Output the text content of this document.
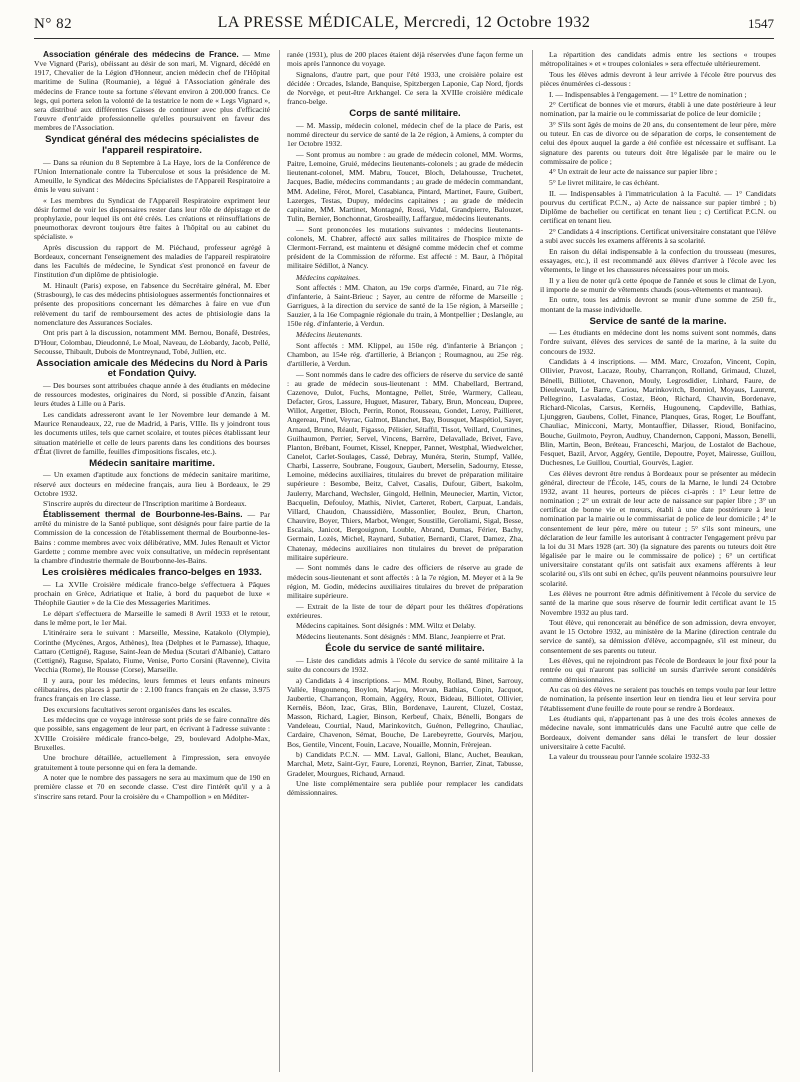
N° 82	LA PRESSE MÉDICALE, Mercredi, 12 Octobre 1932	1547

Association générale des médecins de France. — Mme Vve Vignard (Paris), obéissant au désir de son mari, M. Vignard, décédé en 1917, Chevalier de la Légion d'Honneur, ancien médecin chef de l'Hôpital maritime de Sulina (Roumanie), a légué à l'Association générale des médecins de France toute sa fortune s'élevant environ à 200.000 francs. Ce legs, qui portera selon la volonté de la testatrice le nom de « Legs Vignard », sera distribué aux différentes Caisses de continuer avec plus d'efficacité l'œuvre d'entr'aide professionnelle qu'elles poursuivent en faveur des membres de l'Association.

Syndicat général des médecins spécialistes de l'appareil respiratoire.

— Dans sa réunion du 8 Septembre à La Haye, lors de la Conférence de l'Union Internationale contre la Tuberculose et sous la présidence de M. Ameuille, le Syndicat des Médecins Spécialistes de l'Appareil Respiratoire a émis le vœu suivant :

« Les membres du Syndicat de l'Appareil Respiratoire expriment leur désir formel de voir les dispensaires rester dans leur rôle de dépistage et de prophylaxie, pour lequel ils ont été créés. Les créations et réinsufflations de pneumothorax devront toujours être faites à l'hôpital ou au cabinet du spécialiste. »

Après discussion du rapport de M. Piéchaud, professeur agrégé à Bordeaux, concernant l'enseignement des maladies de l'appareil respiratoire dans les Facultés de médecine, le Syndicat s'est prononcé en faveur de l'institution d'un diplôme de phtisiologie.

M. Hinault (Paris) expose, en l'absence du Secrétaire général, M. Eber (Strasbourg), le cas des médecins phtisiologues assermentés fonctionnaires et présente des propositions concernant les démarches à faire en vue d'un relèvement du tarif de remboursement des actes de phtisiologie dans la nomenclature des Assurances Sociales.

Ont pris part à la discussion, notamment MM. Bernou, Bonafé, Destrées, D'Hour, Colombau, Dieudonné, Le Moal, Naveau, de Léobardy, Jacob, Pellé, Secousse, Thibault, Dubois de Montreynaud, Tobé, Jullien, etc.

Association amicale des Médecins du Nord à Paris et Fondation Quivy.

— Des bourses sont attribuées chaque année à des étudiants en médecine de ressources modestes, originaires du Nord, si possible d'Anzin, faisant leurs études à Lille ou à Paris.

Les candidats adresseront avant le 1er Novembre leur demande à M. Maurice Renaudeaux, 22, rue de Madrid, à Paris, VIIIe. Ils y joindront tous les documents utiles, tels que carnet scolaire, et toutes pièces établissant leur situation matérielle et celle de leurs parents dans les conditions des bourses d'État (livret de famille, feuilles d'impositions fiscales, etc.).

Médecin sanitaire maritime.

— Un examen d'aptitude aux fonctions de médecin sanitaire maritime, réservé aux docteurs en médecine français, aura lieu à Bordeaux, le 29 Octobre 1932.

S'inscrire auprès du directeur de l'Inscription maritime à Bordeaux.

Établissement thermal de Bourbonne-les-Bains. — Par arrêté du ministre de la Santé publique, sont désignés pour faire partie de la Commission de la concession de l'établissement thermal de Bourbonne-les-Bains : comme membres avec voix délibérative, MM. Jules Renault et Victor Gardette ; comme membre avec voix consultative, un médecin représentant la chambre d'industrie thermale de Bourbonne-les-Bains.

Les croisières médicales franco-belges en 1933.

— La XVIIe Croisière médicale franco-belge s'effectuera à Pâques prochain en Grèce, Adriatique et Italie, à bord du paquebot de luxe « Théophile Gautier » de la Cie des Messageries Maritimes.

Le départ s'effectuera de Marseille le samedi 8 Avril 1933 et le retour, dans le même port, le 1er Mai.

L'itinéraire sera le suivant : Marseille, Messine, Katakolo (Olympie), Corinthe (Mycènes, Argos, Athènes), Itea (Delphes et le Parnasse), Ithaque, Cattaro (Cettigné), Raguse, Saint-Jean de Medua (Scutari d'Albanie), Cattaro (Cettigné), Raguse, Spalato, Fiume, Venise, Porto Corsini (Ravenne), Civita Vecchia (Rome), Ile Rousse (Corse), Marseille.

Il y aura, pour les médecins, leurs femmes et leurs enfants mineurs célibataires, des places à partir de : 2.100 francs français en 2e classe, 3.975 francs français en 1re classe.

Des excursions facultatives seront organisées dans les escales.

Les médecins que ce voyage intéresse sont priés de se faire connaître dès que possible, sans engagement de leur part, en écrivant à l'adresse suivante : XVIIIe Croisière médicale franco-belge, 29, boulevard Adolphe-Max, Bruxelles.

Une brochure détaillée, actuellement à l'impression, sera envoyée gratuitement à toute personne qui en fera la demande.

A noter que le nombre des passagers ne sera au maximum que de 190 en première classe et 70 en seconde classe. C'est dire l'intérêt qu'il y a à s'inscrire sans retard. Pour la croisière du « Champollion » en Méditer-

ranée (1931), plus de 200 places étaient déjà réservées d'une façon ferme un mois après l'annonce du voyage.

Signalons, d'autre part, que pour l'été 1933, une croisière polaire est décidée : Orcades, Islande, Banquise, Spitzbergen Laponie, Cap Nord, fjords de Norvège, et peut-être Arkhangel. Ce sera la XVIIIe croisière médicale franco-belge.

Corps de santé militaire.

— M. Massip, médecin colonel, médecin chef de la place de Paris, est nommé directeur du service de santé de la 2e région, à Amiens, à compter du 1er Octobre 1932.

— Sont promus au nombre : au grade de médecin colonel, MM. Worms, Paitre, Lemoine, Gruié, médecins lieutenants-colonels ; au grade de médecin lieutenant-colonel, MM. Mabru, Toucet, Bloch, Delahousse, Truchetet, Jacques, Badie, médecins commandants ; au grade de médecin commandant, MM. Adeline, Férot, Morel, Casabianca, Pintard, Martinet, Faure, Guibert, Lazerges, Testas, Dupuy, médecins capitaines ; au grade de médecin capitaine, MM. Martinet, Montagné, Rossi, Vidal, Grandpierre, Balouzet, Tulin, Bernier, Bonchonnat, Grosbeailly, Laffargue, médecins lieutenants.

— Sont prononcées les mutations suivantes : médecins lieutenants-colonels, M. Chabrer, affecté aux salles militaires de l'hospice mixte de Clermont-Ferrand, est maintenu et désigné comme médecin chef et comme président de la Commission de réforme. Est affecté : M. Baur, à l'hôpital militaire Sédillot, à Nancy.

Médecins capitaines.

Sont affectés : MM. Chaton, au 19e corps d'armée, Finard, au 71e rég. d'infanterie, à Saint-Brieuc ; Sayer, au centre de réforme de Marseille ; Garrigues, à la direction du service de santé de la 15e région, à Marseille ; Sauzier, à la 16e Compagnie régionale du train, à Montpellier ; Deslangle, au 150e rég. d'infanterie, à Verdun.

Médecins lieutenants.

Sont affectés : MM. Klippel, au 150e rég. d'infanterie à Briançon ; Chambon, au 154e rég. d'artillerie, à Briançon ; Roumagnou, au 25e rég. d'artillerie, à Verdun.

— Sont nommés dans le cadre des officiers de réserve du service de santé : au grade de médecin sous-lieutenant : MM. Chabellard, Bertrand, Cazenove, Dulot, Fuchs, Montagne, Pellet, Strée, Warmery, Calleau, Defacter, Gros, Lassure, Huguet, Masurer, Tabary, Brun, Monceau, Dupree, Willot, Argetter, Bloch, Perrin, Ronot, Rousseau, Gondet, Leroy, Paillieret, Angereau, Pinel, Veyrac, Galmot, Blanchet, Bay, Bousquet, Maspétiol, Sayer, Arnaud, Bruno, Réault, Figasso, Pélisier, Sétaffil, Tissot, Veillard, Courtines, Guilhaumon, Perrier, Servel, Vincens, Barrère, Delavallade, Brivet, Fave, Planton, Brébant, Foumet, Kissel, Knepper, Pannet, Westphal, Wiedwelcher, Canelot, Carlet-Soulages, Cassé, Debray, Munéra, Sterin, Stumpf, Vallée, Charbi, Lasserre, Soubrane, Fougoux, Gaubert, Merselin, Sadourny, Etesse, Lemoine, médecins auxiliaires, titulaires du brevet de préparation militaire supérieure : Besombe, Beitz, Calvet, Casalis, Dufour, Gibert, Isakolm, Jaulerry, Marchand, Wechsler, Gingold, Hellnin, Meunecier, Martin, Victor, Bacquelin, Defouloy, Mathis, Nivlet, Carteret, Robert, Carpuat, Landais, Villard, Chaudon, Chaussidière, Massonlier, Boulez, Brun, Charton, Chauvire, Boyer, Thiers, Marbot, Wenger, Soustille, Geroliami, Sigal, Besse, Escalais, Janicot, Bergouignon, Louble, Abrand, Dumas, Férier, Bachy, Germain, Lozès, Michel, Raynard, Subatier, Bernardi, Claret, Damez, Zha, Chatenay, médecins auxiliaires non titulaires du brevet de préparation militaire supérieure.

— Sont nommés dans le cadre des officiers de réserve au grade de médecin sous-lieutenant et sont affectés : à la 7e région, M. Meyer et à la 9e région, M. Godin, médecins auxiliaires titulaires du brevet de préparation militaire supérieure.

— Extrait de la liste de tour de départ pour les théâtres d'opérations extérieures.

Médecins capitaines. Sont désignés : MM. Wiltz et Delaby.

Médecins lieutenants. Sont désignés : MM. Blanc, Jeanpierre et Prat.

École du service de santé militaire.

— Liste des candidats admis à l'école du service de santé militaire à la suite du concours de 1932.

a) Candidats à 4 inscriptions. — MM. Rouby, Rolland, Binet, Sarrouy, Vallée, Hugounenq, Boylon, Marjou, Morvan, Bathias, Copin, Jacquot, Jaubertie, Charrançon, Romain, Aggéry, Roux, Bideau, Billiotet, Ollivier, Kernéis, Béon, Izac, Gras, Blin, Bordenave, Laurent, Cluzel, Costaz, Masson, Richard, Lagier, Binson, Kerbeuf, Chaix, Bénelli, Bongars de Vandeleau, Courtial, Naud, Marinkovitch, Guénon, Pellegrino, Chauliac, Cardaire, Chavenon, Sémat, Bouche, De Larebeyrette, Gourvès, Marjou, Bos, Gentile, Vincent, Fouin, Lacave, Nouaille, Monnin, Frèrejean.

b) Candidats P.C.N. — MM. Laval, Galloni, Blanc, Auchet, Beaukan, Marchal, Metz, Saint-Gyr, Faure, Lorenzi, Reynon, Barrier, Zinat, Tabusse, Gradeler, Mourgues, Richaud, Arnaud.

Une liste complémentaire sera publiée pour remplacer les candidats démissionnaires.

La répartition des candidats admis entre les sections « troupes métropolitaines » et « troupes coloniales » sera effectuée ultérieurement.

Tous les élèves admis devront à leur arrivée à l'école être pourvus des pièces énumérées ci-dessous :

I. — Indispensables à l'engagement. — 1° Lettre de nomination ;

2° Certificat de bonnes vie et mœurs, établi à une date postérieure à leur nomination, par la mairie ou le commissariat de police de leur domicile ;

3° S'ils sont âgés de moins de 20 ans, du consentement de leur père, mère ou tuteur. En cas de divorce ou de séparation de corps, le consentement de celui des époux auquel la garde a été confiée est nécessaire et suffisant. La signature des parents ou tuteurs doit être légalisée par le maire ou le commissaire de police ;

4° Un extrait de leur acte de naissance sur papier libre ;

5° Le livret militaire, le cas échéant.

II. — Indispensables à l'immatriculation à la Faculté. — 1° Candidats pourvus du certificat P.C.N., a) Acte de naissance sur papier timbré ; b) Diplôme de bachelier ou certificat en tenant lieu ; c) Certificat P.C.N. ou certificat en tenant lieu.

2° Candidats à 4 inscriptions. Certificat universitaire constatant que l'élève a subi avec succès les examens afférents à sa scolarité.

En raison du délai indispensable à la confection du trousseau (mesures, essayages, etc.), il est recommandé aux élèves d'arriver à l'école avec les vêtements, le linge et les chaussures nécessaires pour un mois.

Il y a lieu de noter qu'à cette époque de l'année et sous le climat de Lyon, il importe de se munir de vêtements chauds (sous-vêtements et manteau).

En outre, tous les admis devront se munir d'une somme de 250 fr., montant de la masse individuelle.

Service de santé de la marine.

— Les étudiants en médecine dont les noms suivent sont nommés, dans l'ordre suivant, élèves des services de santé de la marine, à la suite du concours de 1932.

Candidats à 4 inscriptions. — MM. Marc, Crozafon, Vincent, Copin, Ollivier, Pravost, Lacaze, Rouby, Charrançon, Rolland, Grimaud, Cluzel, Bénelli, Billiotet, Chavenon, Mouly, Legrosdidier, Linhard, Faure, de Dieulevault, Le Barre, Cariou, Marinkovitch, Bonniol, Moyaus, Laurent, Pellegrino, Lasvaladas, Costaz, Béon, Richard, Chauvin, Bordenave, Richard-Nicolas, Carsus, Kernéis, Hugounenq, Capdeville, Bathias, Ljunggren, Gaubens, Collet, Finance, Planques, Gras, Roger, Le Bouffant, Chauliac, Minicconi, Marty, Montauffier, Dilasser, Rioud, Bonifacino, Bouche, Guilmoto, Peyron, Audhuy, Chandernon, Capponi, Masson, Benelli, Blin, Martin, Beon, Bréteau, Franceschi, Marjou, de Lostalot de Bachoue, Fesquet, Bazil, Arvor, Aggéry, Gentile, Depoutre, Poyet, Mairesse, Guillou, Duchesnes, Le Guillou, Courtial, Gourvès, Lagier.

Ces élèves devront être rendus à Bordeaux pour se présenter au médecin général, directeur de l'École, 145, cours de la Marne, le lundi 24 Octobre 1932, avant 11 heures, porteurs de pièces ci-après : 1° Leur lettre de nomination ; 2° un extrait de leur acte de naissance sur papier libre ; 3° un certificat de bonne vie et mœurs, établi à une date postérieure à leur nomination par la mairie ou le commissariat de police de leur domicile ; 4° le consentement de leur père, mère ou tuteur ; 5° s'ils sont mineurs, une déclaration de leur famille les autorisant à contracter l'engagement prévu par la loi du 31 Mars 1928 (art. 30) (la signature des parents ou tuteurs doit être légalisée par le maire ou le commissaire de police) ; 6° un certificat universitaire constatant qu'ils ont satisfait aux examens afférents à leur scolarité ou, s'ils ont subi en échec, qu'ils peuvent néanmoins poursuivre leur scolarité.

Les élèves ne pourront être admis définitivement à l'école du service de santé de la marine que sous réserve de fournir ledit certificat avant le 15 Novembre 1932 au plus tard.

Tout élève, qui renoncerait au bénéfice de son admission, devra envoyer, avant le 15 Octobre 1932, au ministère de la Marine (direction centrale du service de santé), sa démission d'élève, accompagnée, s'il est mineur, du consentement de ses parents ou tuteur.

Les élèves, qui ne rejoindront pas l'école de Bordeaux le jour fixé pour la rentrée ou qui n'auront pas sollicité un sursis d'arrivée seront considérés comme démissionnaires.

Au cas où des élèves ne seraient pas touchés en temps voulu par leur lettre de nomination, la présente insertion leur en tiendra lieu et leur servira pour l'établissement d'une feuille de route pour se rendre à Bordeaux.

Les étudiants qui, n'appartenant pas à une des trois écoles annexes de médecine navale, sont immatriculés dans une Faculté autre que celle de Bordeaux, doivent demander sans délai le transfert de leur dossier universitaire à cette Faculté.

La valeur du trousseau pour l'année scolaire 1932-33
